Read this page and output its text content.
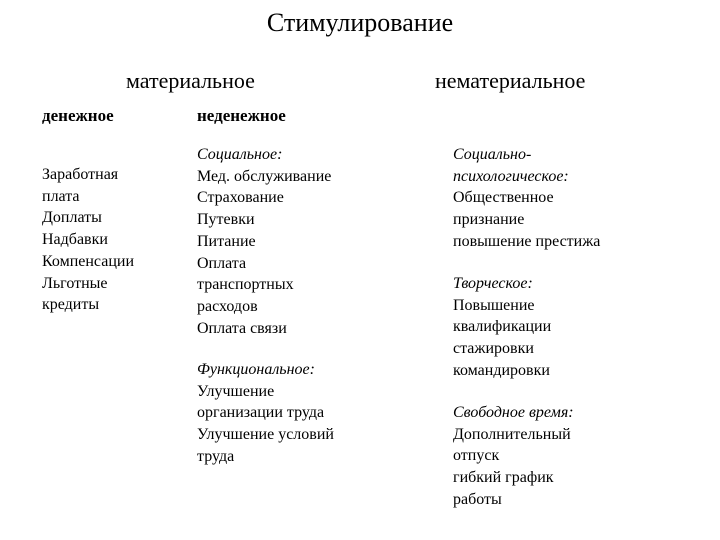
Стимулирование
материальное	нематериальное
денежное	неденежное
Заработная
плата
Доплаты
Надбавки
Компенсации
Льготные
кредиты
Социальное:
Мед. обслуживание
Страхование
Путевки
Питание
Оплата
транспортных
расходов
Оплата связи
Функциональное:
Улучшение
организации труда
Улучшение условий
труда
Социально-
психологическое:
Общественное
признание
повышение престижа
Творческое:
Повышение
квалификации
стажировки
командировки
Свободное время:
Дополнительный
отпуск
гибкий график
работы
